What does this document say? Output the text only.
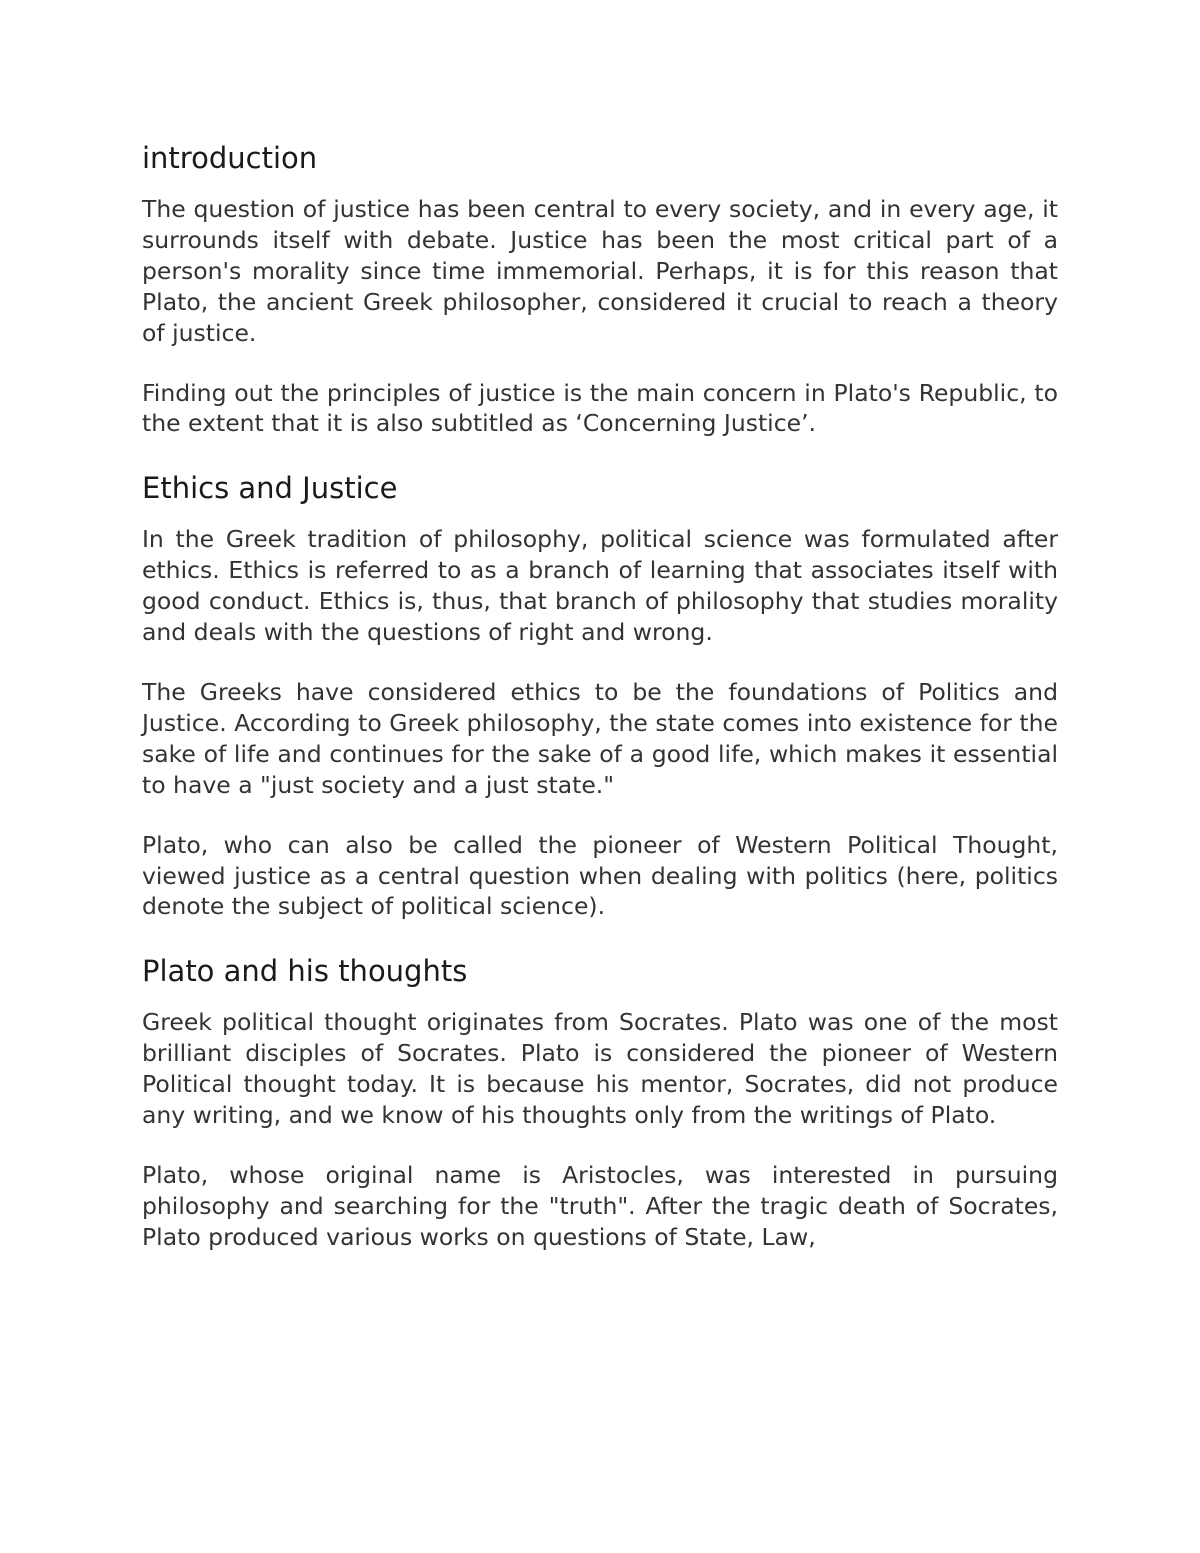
introduction

The question of justice has been central to every society, and in every age, it surrounds itself with debate. Justice has been the most critical part of a person's morality since time immemorial. Perhaps, it is for this reason that Plato, the ancient Greek philosopher, considered it crucial to reach a theory of justice.

Finding out the principles of justice is the main concern in Plato's Republic, to the extent that it is also subtitled as ‘Concerning Justice’.

Ethics and Justice

In the Greek tradition of philosophy, political science was formulated after ethics. Ethics is referred to as a branch of learning that associates itself with good conduct. Ethics is, thus, that branch of philosophy that studies morality and deals with the questions of right and wrong.

The Greeks have considered ethics to be the foundations of Politics and Justice. According to Greek philosophy, the state comes into existence for the sake of life and continues for the sake of a good life, which makes it essential to have a "just society and a just state."

Plato, who can also be called the pioneer of Western Political Thought, viewed justice as a central question when dealing with politics (here, politics denote the subject of political science).

Plato and his thoughts

Greek political thought originates from Socrates. Plato was one of the most brilliant disciples of Socrates. Plato is considered the pioneer of Western Political thought today. It is because his mentor, Socrates, did not produce any writing, and we know of his thoughts only from the writings of Plato.

Plato, whose original name is Aristocles, was interested in pursuing philosophy and searching for the "truth". After the tragic death of Socrates, Plato produced various works on questions of State, Law,
